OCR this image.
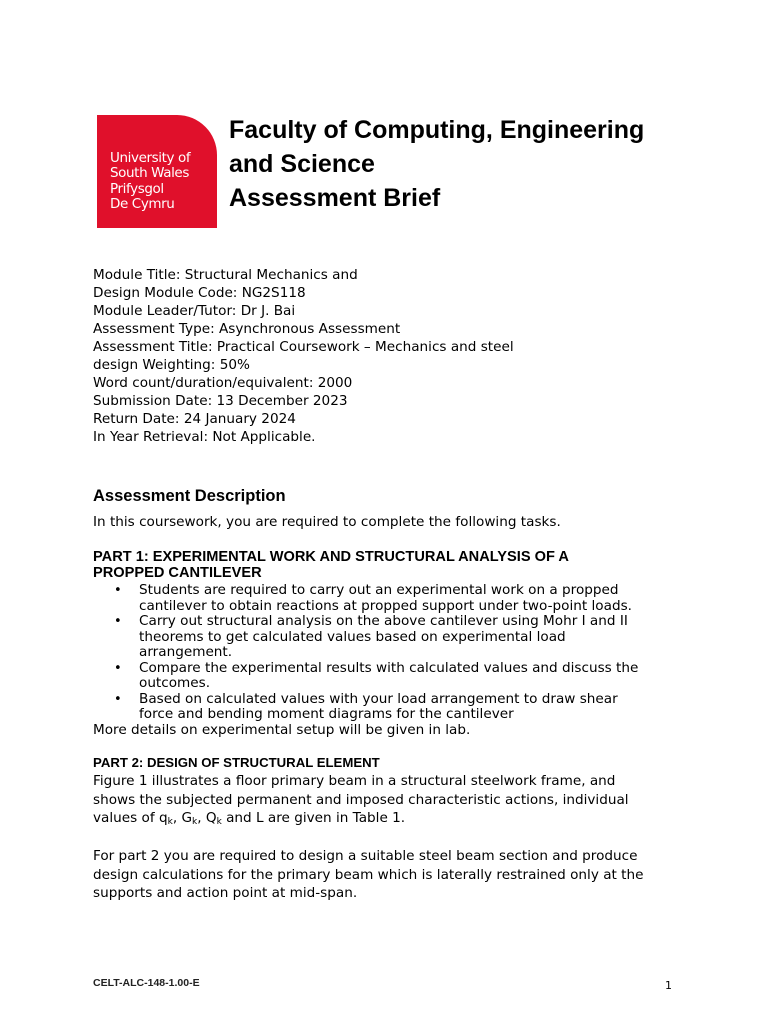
University of
South Wales
Prifysgol
De Cymru
Faculty of Computing, Engineering
and Science
Assessment Brief
Module Title: Structural Mechanics and
Design Module Code: NG2S118
Module Leader/Tutor: Dr J. Bai
Assessment Type: Asynchronous Assessment
Assessment Title: Practical Coursework – Mechanics and steel
design Weighting: 50%
Word count/duration/equivalent: 2000
Submission Date: 13 December 2023
Return Date: 24 January 2024
In Year Retrieval: Not Applicable.
Assessment Description
In this coursework, you are required to complete the following tasks.
PART 1: EXPERIMENTAL WORK AND STRUCTURAL ANALYSIS OF A
PROPPED CANTILEVER
• Students are required to carry out an experimental work on a propped
cantilever to obtain reactions at propped support under two-point loads.
• Carry out structural analysis on the above cantilever using Mohr I and II
theorems to get calculated values based on experimental load
arrangement.
• Compare the experimental results with calculated values and discuss the
outcomes.
• Based on calculated values with your load arrangement to draw shear
force and bending moment diagrams for the cantilever
More details on experimental setup will be given in lab.
PART 2: DESIGN OF STRUCTURAL ELEMENT
Figure 1 illustrates a floor primary beam in a structural steelwork frame, and
shows the subjected permanent and imposed characteristic actions, individual
values of $q_k$, $G_k$, $Q_k$ and L are given in Table 1.
For part 2 you are required to design a suitable steel beam section and produce
design calculations for the primary beam which is laterally restrained only at the
supports and action point at mid-span.
CELT-ALC-148-1.00-E	1
